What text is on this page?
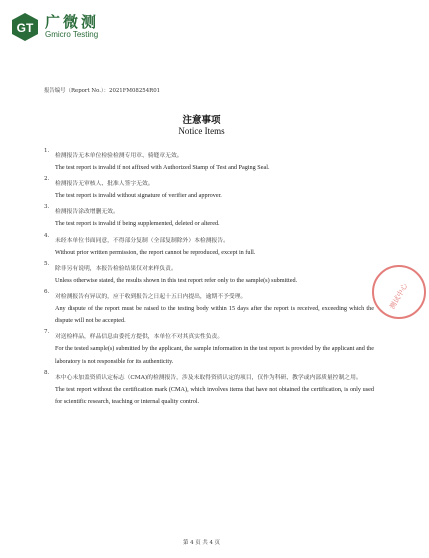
GT 广微测
Gmicro Testing
报告编号（Report No.）：2021FM08254R01
注意事项
Notice Items
1.
检测报告无本单位检验检测专用章、骑缝章无效。
The test report is invalid if not affixed with Authorized Stamp of Test and Paging Seal.
2.
检测报告无审核人、批准人签字无效。
The test report is invalid without signature of verifier and approver.
3.
检测报告涂改增删无效。
The test report is invalid if being supplemented, deleted or altered.
4.
未经本单位书面同意，不得部分复制（全部复制除外）本检测报告。
Without prior written permission, the report cannot be reproduced, except in full.
5.
除非另有说明，本报告检验结果仅对来样负责。
Unless otherwise stated, the results shown in this test report refer only to the sample(s) submitted.
6.
对检测报告有异议的，应于收到报告之日起十五日内提出，逾期不予受理。
Any dispute of the report must be raised to the testing body within 15 days after the report is received, exceeding which the dispute will not be accepted.
7.
对送检样品，样品信息由委托方提供，本单位不对其真实性负责。
For the tested sample(s) submitted by the applicant, the sample information in the test report is provided by the applicant and the laboratory is not responsible for its authenticity.
8.
本中心未加盖资质认定标志（CMA)的检测报告，涉及未取得资质认定的项目，仅作为科研、教学或内部质量控制之用。
The test report without the certification mark (CMA), which involves items that have not obtained the certification, is only used for scientific research, teaching or internal quality control.
测试中心
第 4 页 共 4 页
